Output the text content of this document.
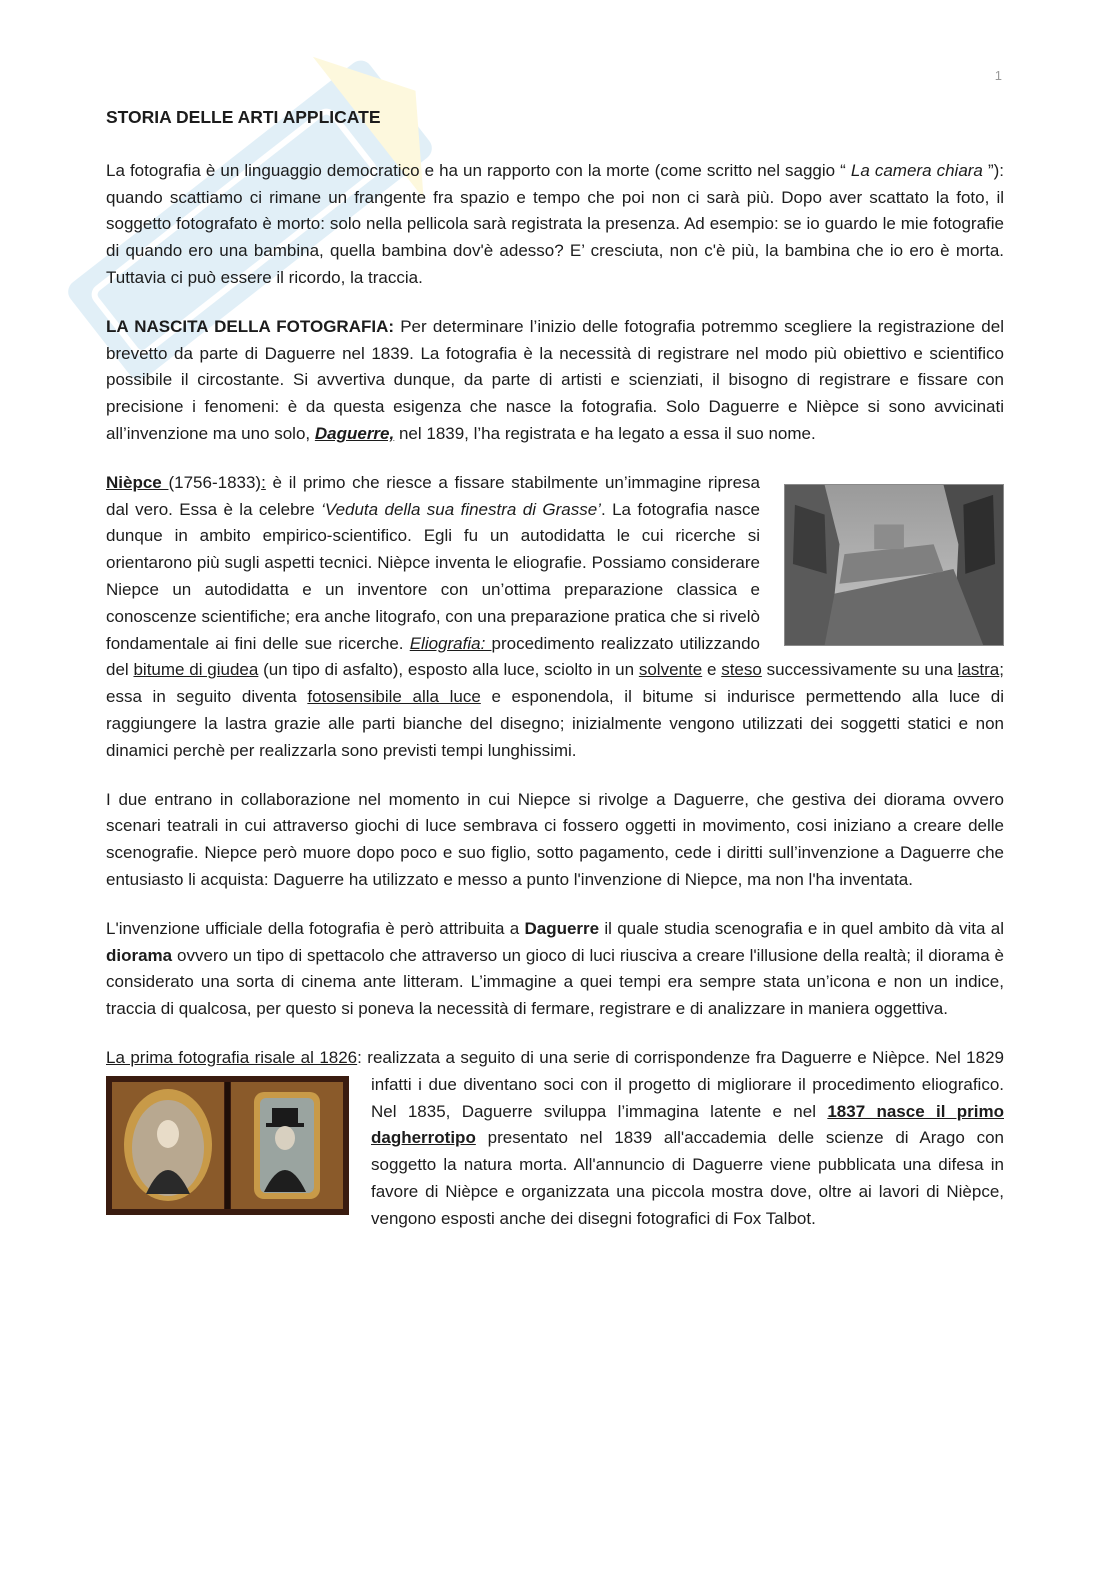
1

STORIA DELLE ARTI APPLICATE

La fotografia è un linguaggio democratico e ha un rapporto con la morte (come scritto nel saggio “ La camera chiara ”): quando scattiamo ci rimane un frangente fra spazio e tempo che poi non ci sarà più. Dopo aver scattato la foto, il soggetto fotografato è morto: solo nella pellicola sarà registrata la presenza. Ad esempio: se io guardo le mie fotografie di quando ero una bambina, quella bambina dov'è adesso? E’ cresciuta, non c'è più, la bambina che io ero è morta. Tuttavia ci può essere il ricordo, la traccia.

LA NASCITA DELLA FOTOGRAFIA: Per determinare l’inizio delle fotografia potremmo scegliere la registrazione del brevetto da parte di Daguerre nel 1839. La fotografia è la necessità di registrare nel modo più obiettivo e scientifico possibile il circostante. Si avvertiva dunque, da parte di artisti e scienziati, il bisogno di registrare e fissare con precisione i fenomeni: è da questa esigenza che nasce la fotografia. Solo Daguerre e Nièpce si sono avvicinati all’invenzione ma uno solo, Daguerre, nel 1839, l’ha registrata e ha legato a essa il suo nome.

Nièpce (1756-1833): è il primo che riesce a fissare stabilmente un’immagine ripresa dal vero. Essa è la celebre ‘Veduta della sua finestra di Grasse’. La fotografia nasce dunque in ambito empirico-scientifico. Egli fu un autodidatta le cui ricerche si orientarono più sugli aspetti tecnici. Nièpce inventa le eliografie. Possiamo considerare Niepce un autodidatta e un inventore con un’ottima preparazione classica e conoscenze scientifiche; era anche litografo, con una preparazione pratica che si rivelò fondamentale ai fini delle sue ricerche. Eliografia: procedimento realizzato utilizzando del bitume di giudea (un tipo di asfalto), esposto alla luce, sciolto in un solvente e steso successivamente su una lastra; essa in seguito diventa fotosensibile alla luce e esponendola, il bitume si indurisce permettendo alla luce di raggiungere la lastra grazie alle parti bianche del disegno; inizialmente vengono utilizzati dei soggetti statici e non dinamici perchè per realizzarla sono previsti tempi lunghissimi.

I due entrano in collaborazione nel momento in cui Niepce si rivolge a Daguerre, che gestiva dei diorama ovvero scenari teatrali in cui attraverso giochi di luce sembrava ci fossero oggetti in movimento, cosi iniziano a creare delle scenografie. Niepce però muore dopo poco e suo figlio, sotto pagamento, cede i diritti sull’invenzione a Daguerre che entusiasto li acquista: Daguerre ha utilizzato e messo a punto l'invenzione di Niepce, ma non l'ha inventata.

L'invenzione ufficiale della fotografia è però attribuita a Daguerre il quale studia scenografia e in quel ambito dà vita al diorama ovvero un tipo di spettacolo che attraverso un gioco di luci riusciva a creare l'illusione della realtà; il diorama è considerato una sorta di cinema ante litteram. L’immagine a quei tempi era sempre stata un’icona e non un indice, traccia di qualcosa, per questo si poneva la necessità di fermare, registrare e di analizzare in maniera oggettiva.

La prima fotografia risale al 1826: realizzata a seguito di una serie di corrispondenze fra Daguerre e Nièpce. Nel 1829 infatti i due diventano soci con il progetto di migliorare il procedimento eliografico. Nel 1835, Daguerre sviluppa l’immagina latente e nel 1837 nasce il primo dagherrotipo presentato nel 1839 all'accademia delle scienze di Arago con soggetto la natura morta. All'annuncio di Daguerre viene pubblicata una difesa in favore di Nièpce e organizzata una piccola mostra dove, oltre ai lavori di Nièpce, vengono esposti anche dei disegni fotografici di Fox Talbot.
